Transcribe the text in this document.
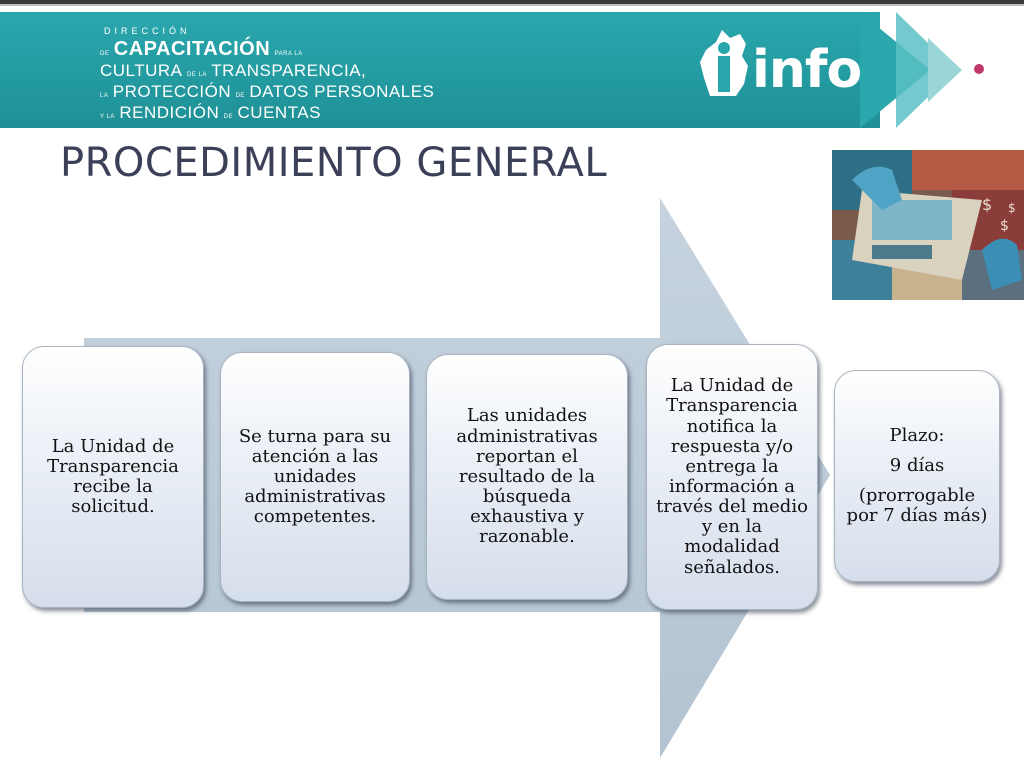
DIRECCIÓN
DE CAPACITACIÓN PARA LA
CULTURA DE LA TRANSPARENCIA,
LA PROTECCIÓN DE DATOS PERSONALES
Y LA RENDICIÓN DE CUENTAS
info
PROCEDIMIENTO GENERAL
$
$
$
La Unidad de Transparencia recibe la solicitud.
Se turna para su atención a las unidades administrativas competentes.
Las unidades administrativas reportan el resultado de la búsqueda exhaustiva y razonable.
La Unidad de Transparencia notifica la respuesta y/o entrega la información a través del medio y en la modalidad señalados.
Plazo:
9 días
(prorrogable por 7 días más)
